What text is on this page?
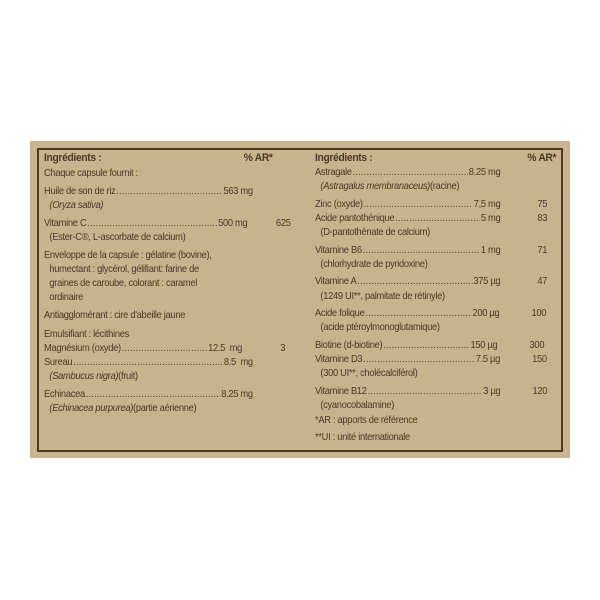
Ingrédients :	% AR*
Chaque capsule fournit :
Huile de son de riz .....	563 mg
(Oryza sativa)
Vitamine C .....	500 mg	625
(Ester-C®, L-ascorbate de calcium)
Enveloppe de la capsule : gélatine (bovine),
humectant : glycérol, gélifiant: farine de
graines de caroube, colorant : caramel
ordinaire
Antiagglomérant : cire d'abeille jaune
Emulsifiant : lécithines
Magnésium (oxyde) .....	12.5  mg	3
Sureau .....	8.5  mg
(Sambucus nigra)(fruit)
Echinacea .....	8.25 mg
(Echinacea purpurea)(partie aérienne)
Ingrédients :	% AR*
Astragale .....	8.25 mg
(Astragalus membranaceus)(racine)
Zinc (oxyde) .....	7,5 mg	75
Acide pantothénique .....	5 mg	83
(D-pantothénate de calcium)
Vitamine B6 .....	1 mg	71
(chlorhydrate de pyridoxine)
Vitamine A .....	375 µg	47
(1249 UI**, palmitate de rétinyle)
Acide folique .....	200 µg	100
(acide ptéroylmonoglutamique)
Biotine (d-biotine) .....	150 µg	300
Vitamine D3 .....	7.5 µg	150
(300 UI**, cholécalciférol)
Vitamine B12 .....	3 µg	120
(cyanocobalamine)
*AR : apports de référence
**UI : unité internationale
